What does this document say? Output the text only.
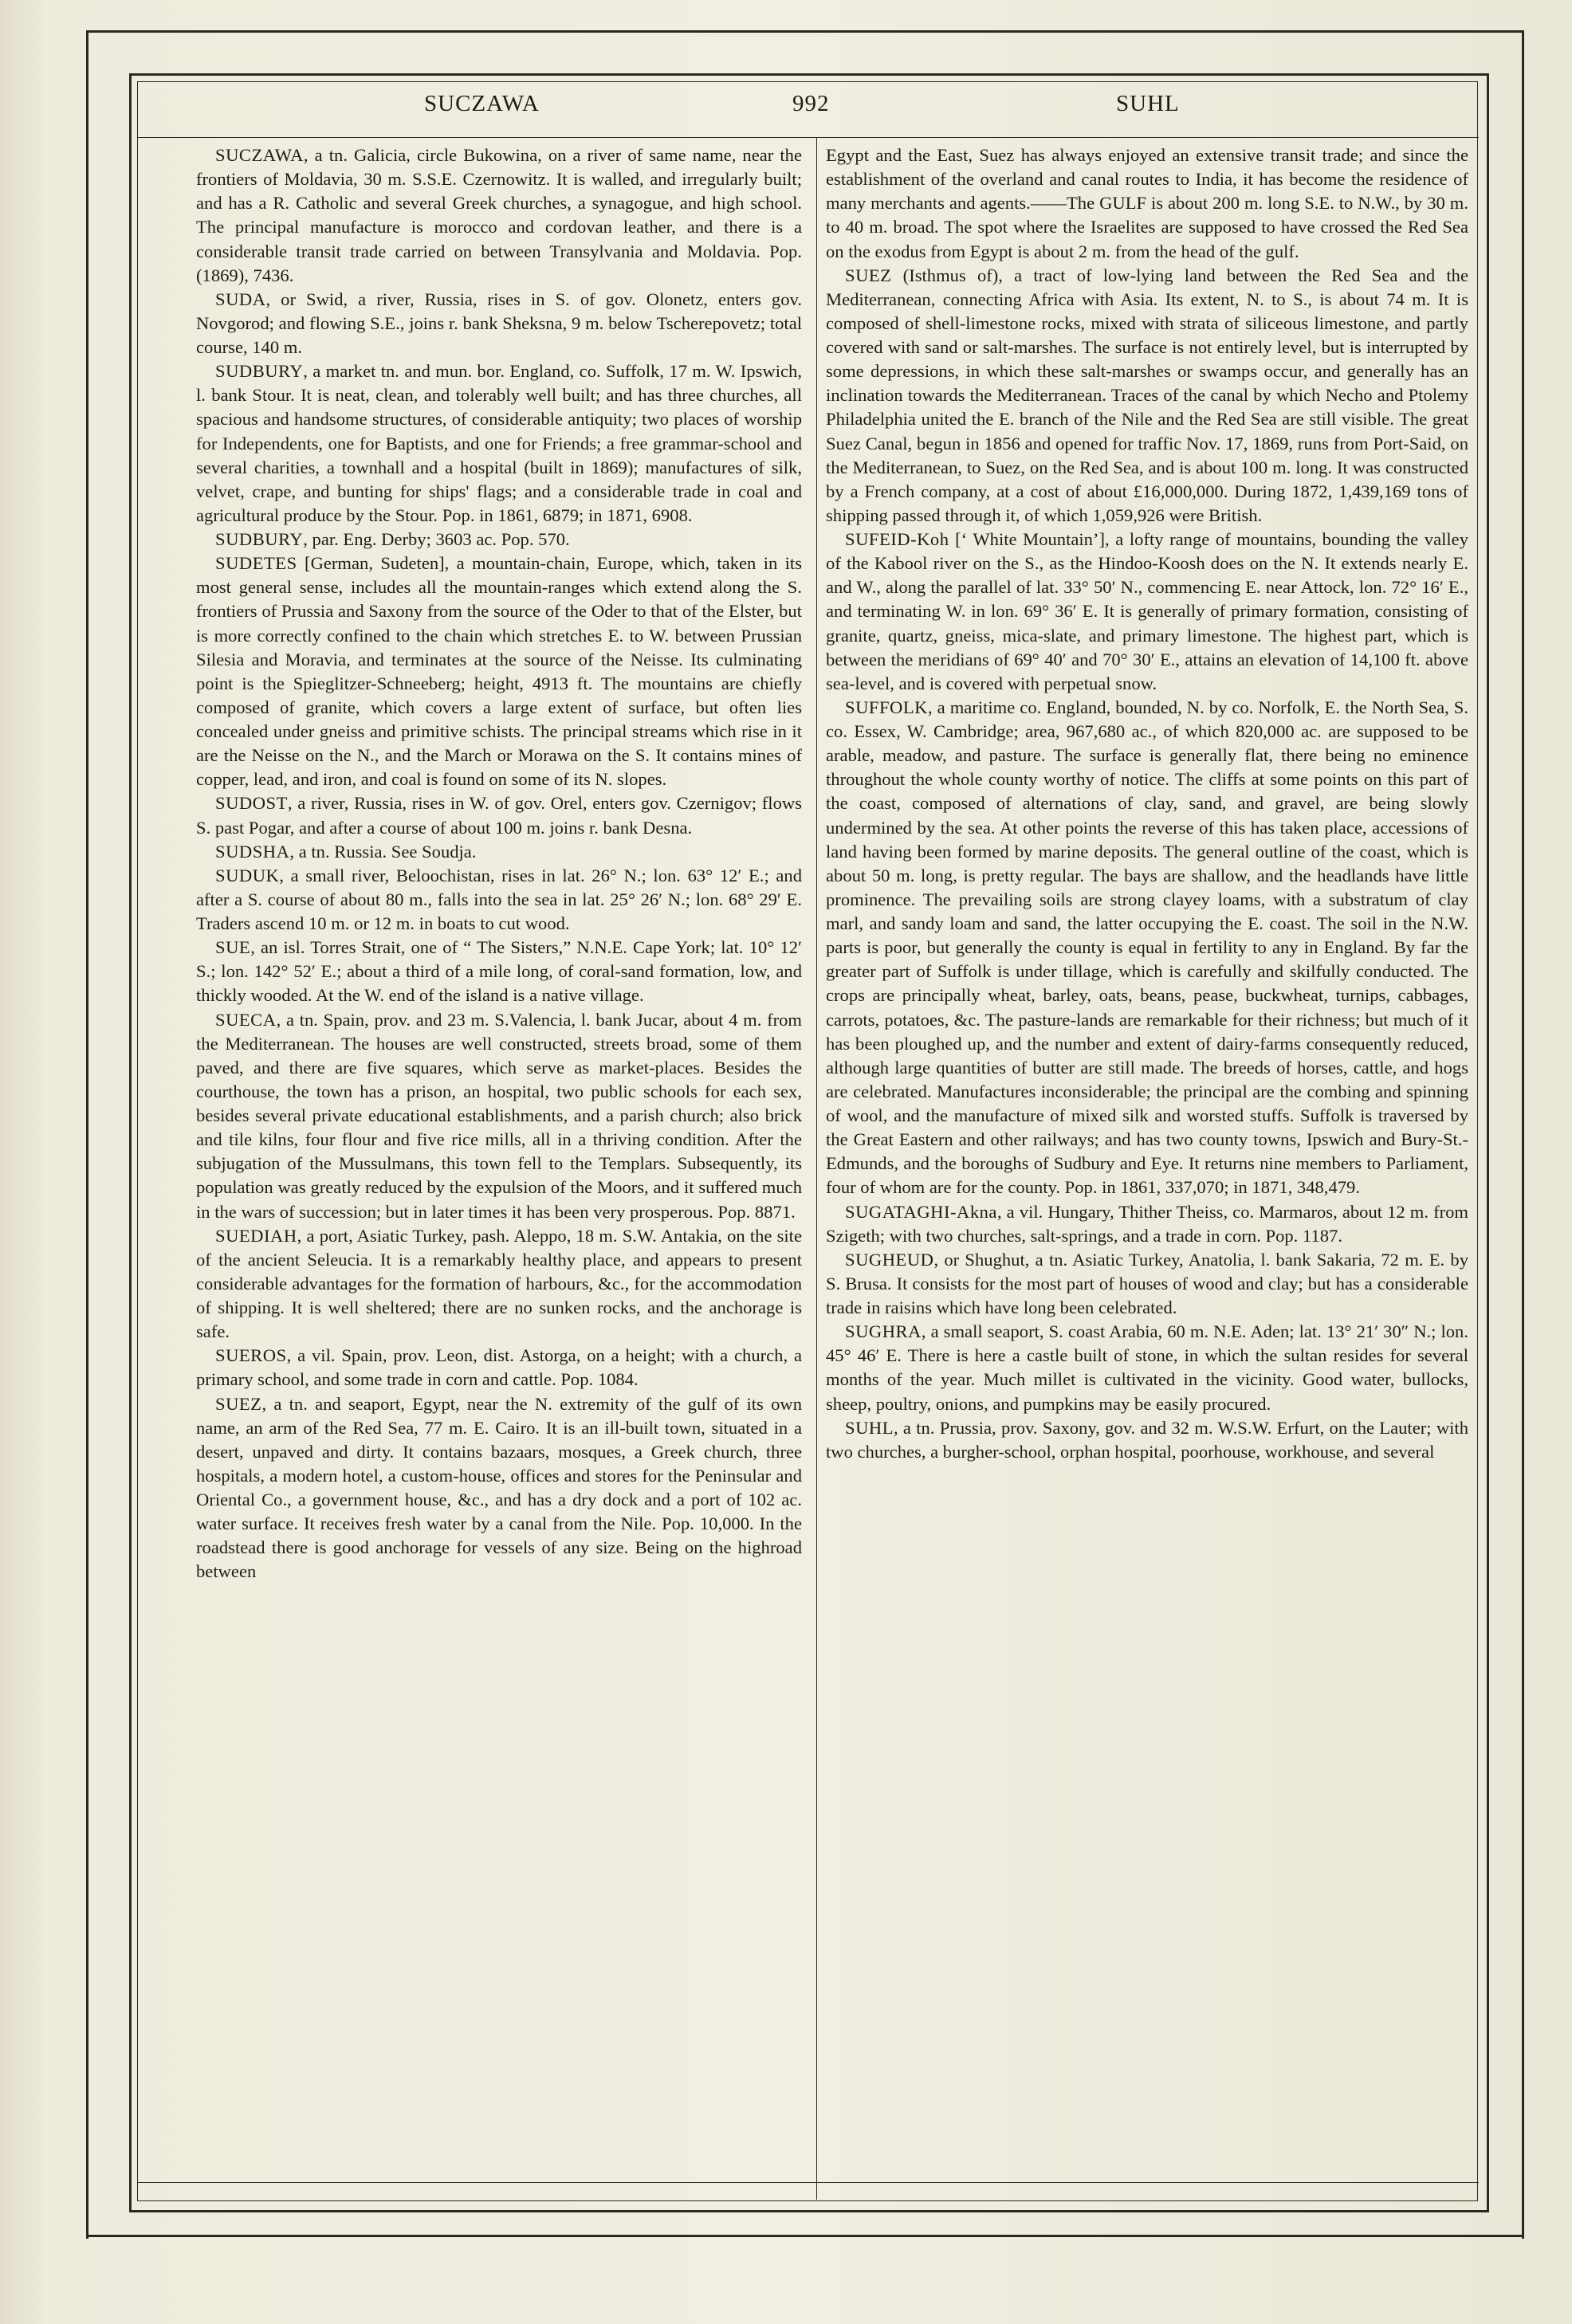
SUCZAWA	992	SUHL

SUCZAWA, a tn. Galicia, circle Bukowina, on a river of same name, near the frontiers of Moldavia, 30 m. S.S.E. Czernowitz. It is walled, and irregularly built; and has a R. Catholic and several Greek churches, a synagogue, and high school. The principal manufacture is morocco and cordovan leather, and there is a considerable transit trade carried on between Transylvania and Moldavia. Pop. (1869), 7436.

SUDA, or Swid, a river, Russia, rises in S. of gov. Olonetz, enters gov. Novgorod; and flowing S.E., joins r. bank Sheksna, 9 m. below Tscherepovetz; total course, 140 m.

SUDBURY, a market tn. and mun. bor. England, co. Suffolk, 17 m. W. Ipswich, l. bank Stour. It is neat, clean, and tolerably well built; and has three churches, all spacious and handsome structures, of considerable antiquity; two places of worship for Independents, one for Baptists, and one for Friends; a free grammar-school and several charities, a townhall and a hospital (built in 1869); manufactures of silk, velvet, crape, and bunting for ships' flags; and a considerable trade in coal and agricultural produce by the Stour. Pop. in 1861, 6879; in 1871, 6908.

SUDBURY, par. Eng. Derby; 3603 ac. Pop. 570.

SUDETES [German, Sudeten], a mountain-chain, Europe, which, taken in its most general sense, includes all the mountain-ranges which extend along the S. frontiers of Prussia and Saxony from the source of the Oder to that of the Elster, but is more correctly confined to the chain which stretches E. to W. between Prussian Silesia and Moravia, and terminates at the source of the Neisse. Its culminating point is the Spieglitzer-Schneeberg; height, 4913 ft. The mountains are chiefly composed of granite, which covers a large extent of surface, but often lies concealed under gneiss and primitive schists. The principal streams which rise in it are the Neisse on the N., and the March or Morawa on the S. It contains mines of copper, lead, and iron, and coal is found on some of its N. slopes.

SUDOST, a river, Russia, rises in W. of gov. Orel, enters gov. Czernigov; flows S. past Pogar, and after a course of about 100 m. joins r. bank Desna.

SUDSHA, a tn. Russia. See Soudja.

SUDUK, a small river, Beloochistan, rises in lat. 26° N.; lon. 63° 12′ E.; and after a S. course of about 80 m., falls into the sea in lat. 25° 26′ N.; lon. 68° 29′ E. Traders ascend 10 m. or 12 m. in boats to cut wood.

SUE, an isl. Torres Strait, one of “ The Sisters,” N.N.E. Cape York; lat. 10° 12′ S.; lon. 142° 52′ E.; about a third of a mile long, of coral-sand formation, low, and thickly wooded. At the W. end of the island is a native village.

SUECA, a tn. Spain, prov. and 23 m. S.Valencia, l. bank Jucar, about 4 m. from the Mediterranean. The houses are well constructed, streets broad, some of them paved, and there are five squares, which serve as market-places. Besides the courthouse, the town has a prison, an hospital, two public schools for each sex, besides several private educational establishments, and a parish church; also brick and tile kilns, four flour and five rice mills, all in a thriving condition. After the subjugation of the Mussulmans, this town fell to the Templars. Subsequently, its population was greatly reduced by the expulsion of the Moors, and it suffered much in the wars of succession; but in later times it has been very prosperous. Pop. 8871.

SUEDIAH, a port, Asiatic Turkey, pash. Aleppo, 18 m. S.W. Antakia, on the site of the ancient Seleucia. It is a remarkably healthy place, and appears to present considerable advantages for the formation of harbours, &c., for the accommodation of shipping. It is well sheltered; there are no sunken rocks, and the anchorage is safe.

SUEROS, a vil. Spain, prov. Leon, dist. Astorga, on a height; with a church, a primary school, and some trade in corn and cattle. Pop. 1084.

SUEZ, a tn. and seaport, Egypt, near the N. extremity of the gulf of its own name, an arm of the Red Sea, 77 m. E. Cairo. It is an ill-built town, situated in a desert, unpaved and dirty. It contains bazaars, mosques, a Greek church, three hospitals, a modern hotel, a custom-house, offices and stores for the Peninsular and Oriental Co., a government house, &c., and has a dry dock and a port of 102 ac. water surface. It receives fresh water by a canal from the Nile. Pop. 10,000. In the roadstead there is good anchorage for vessels of any size. Being on the highroad between

Egypt and the East, Suez has always enjoyed an extensive transit trade; and since the establishment of the overland and canal routes to India, it has become the residence of many merchants and agents.——The GULF is about 200 m. long S.E. to N.W., by 30 m. to 40 m. broad. The spot where the Israelites are supposed to have crossed the Red Sea on the exodus from Egypt is about 2 m. from the head of the gulf.

SUEZ (Isthmus of), a tract of low-lying land between the Red Sea and the Mediterranean, connecting Africa with Asia. Its extent, N. to S., is about 74 m. It is composed of shell-limestone rocks, mixed with strata of siliceous limestone, and partly covered with sand or salt-marshes. The surface is not entirely level, but is interrupted by some depressions, in which these salt-marshes or swamps occur, and generally has an inclination towards the Mediterranean. Traces of the canal by which Necho and Ptolemy Philadelphia united the E. branch of the Nile and the Red Sea are still visible. The great Suez Canal, begun in 1856 and opened for traffic Nov. 17, 1869, runs from Port-Said, on the Mediterranean, to Suez, on the Red Sea, and is about 100 m. long. It was constructed by a French company, at a cost of about £16,000,000. During 1872, 1,439,169 tons of shipping passed through it, of which 1,059,926 were British.

SUFEID-Koh [‘ White Mountain’], a lofty range of mountains, bounding the valley of the Kabool river on the S., as the Hindoo-Koosh does on the N. It extends nearly E. and W., along the parallel of lat. 33° 50′ N., commencing E. near Attock, lon. 72° 16′ E., and terminating W. in lon. 69° 36′ E. It is generally of primary formation, consisting of granite, quartz, gneiss, mica-slate, and primary limestone. The highest part, which is between the meridians of 69° 40′ and 70° 30′ E., attains an elevation of 14,100 ft. above sea-level, and is covered with perpetual snow.

SUFFOLK, a maritime co. England, bounded, N. by co. Norfolk, E. the North Sea, S. co. Essex, W. Cambridge; area, 967,680 ac., of which 820,000 ac. are supposed to be arable, meadow, and pasture. The surface is generally flat, there being no eminence throughout the whole county worthy of notice. The cliffs at some points on this part of the coast, composed of alternations of clay, sand, and gravel, are being slowly undermined by the sea. At other points the reverse of this has taken place, accessions of land having been formed by marine deposits. The general outline of the coast, which is about 50 m. long, is pretty regular. The bays are shallow, and the headlands have little prominence. The prevailing soils are strong clayey loams, with a substratum of clay marl, and sandy loam and sand, the latter occupying the E. coast. The soil in the N.W. parts is poor, but generally the county is equal in fertility to any in England. By far the greater part of Suffolk is under tillage, which is carefully and skilfully conducted. The crops are principally wheat, barley, oats, beans, pease, buckwheat, turnips, cabbages, carrots, potatoes, &c. The pasture-lands are remarkable for their richness; but much of it has been ploughed up, and the number and extent of dairy-farms consequently reduced, although large quantities of butter are still made. The breeds of horses, cattle, and hogs are celebrated. Manufactures inconsiderable; the principal are the combing and spinning of wool, and the manufacture of mixed silk and worsted stuffs. Suffolk is traversed by the Great Eastern and other railways; and has two county towns, Ipswich and Bury-St.-Edmunds, and the boroughs of Sudbury and Eye. It returns nine members to Parliament, four of whom are for the county. Pop. in 1861, 337,070; in 1871, 348,479.

SUGATAGHI-Akna, a vil. Hungary, Thither Theiss, co. Marmaros, about 12 m. from Szigeth; with two churches, salt-springs, and a trade in corn. Pop. 1187.

SUGHEUD, or Shughut, a tn. Asiatic Turkey, Anatolia, l. bank Sakaria, 72 m. E. by S. Brusa. It consists for the most part of houses of wood and clay; but has a considerable trade in raisins which have long been celebrated.

SUGHRA, a small seaport, S. coast Arabia, 60 m. N.E. Aden; lat. 13° 21′ 30″ N.; lon. 45° 46′ E. There is here a castle built of stone, in which the sultan resides for several months of the year. Much millet is cultivated in the vicinity. Good water, bullocks, sheep, poultry, onions, and pumpkins may be easily procured.

SUHL, a tn. Prussia, prov. Saxony, gov. and 32 m. W.S.W. Erfurt, on the Lauter; with two churches, a burgher-school, orphan hospital, poorhouse, workhouse, and several
